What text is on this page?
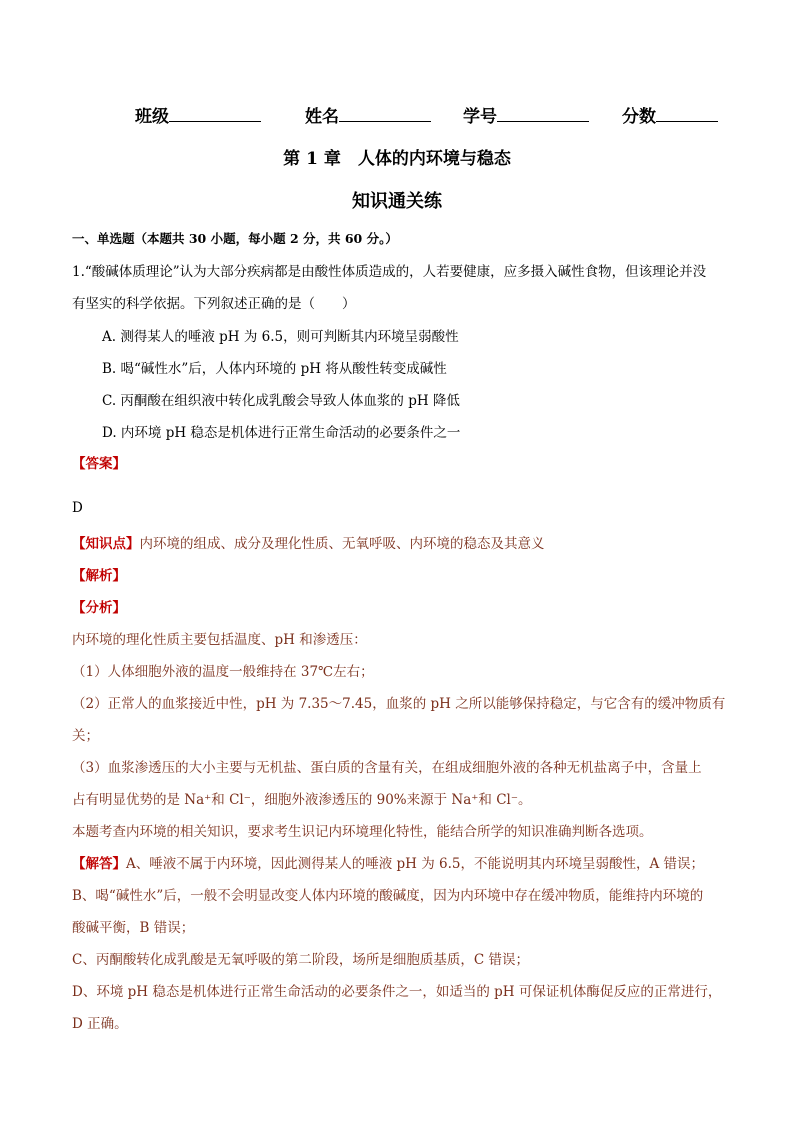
班级	姓名	学号	分数
第 1 章　人体的内环境与稳态
知识通关练
一、单选题（本题共 30 小题，每小题 2 分，共 60 分。）
1.“酸碱体质理论”认为大部分疾病都是由酸性体质造成的，人若要健康，应多摄入碱性食物，但该理论并没
有坚实的科学依据。下列叙述正确的是（　　）
A. 测得某人的唾液 pH 为 6.5，则可判断其内环境呈弱酸性
B. 喝“碱性水”后，人体内环境的 pH 将从酸性转变成碱性
C. 丙酮酸在组织液中转化成乳酸会导致人体血浆的 pH 降低
D. 内环境 pH 稳态是机体进行正常生命活动的必要条件之一
【答案】
D
【知识点】内环境的组成、成分及理化性质、无氧呼吸、内环境的稳态及其意义
【解析】
【分析】
内环境的理化性质主要包括温度、pH 和渗透压：
（1）人体细胞外液的温度一般维持在 37℃左右；
（2）正常人的血浆接近中性，pH 为 7.35～7.45，血浆的 pH 之所以能够保持稳定，与它含有的缓冲物质有
关；
（3）血浆渗透压的大小主要与无机盐、蛋白质的含量有关，在组成细胞外液的各种无机盐离子中，含量上
占有明显优势的是 Na⁺和 Cl⁻，细胞外液渗透压的 90%来源于 Na⁺和 Cl⁻。
本题考查内环境的相关知识，要求考生识记内环境理化特性，能结合所学的知识准确判断各选项。
【解答】A、唾液不属于内环境，因此测得某人的唾液 pH 为 6.5，不能说明其内环境呈弱酸性，A 错误；
B、喝“碱性水”后，一般不会明显改变人体内环境的酸碱度，因为内环境中存在缓冲物质，能维持内环境的
酸碱平衡，B 错误；
C、丙酮酸转化成乳酸是无氧呼吸的第二阶段，场所是细胞质基质，C 错误；
D、环境 pH 稳态是机体进行正常生命活动的必要条件之一，如适当的 pH 可保证机体酶促反应的正常进行，
D 正确。
